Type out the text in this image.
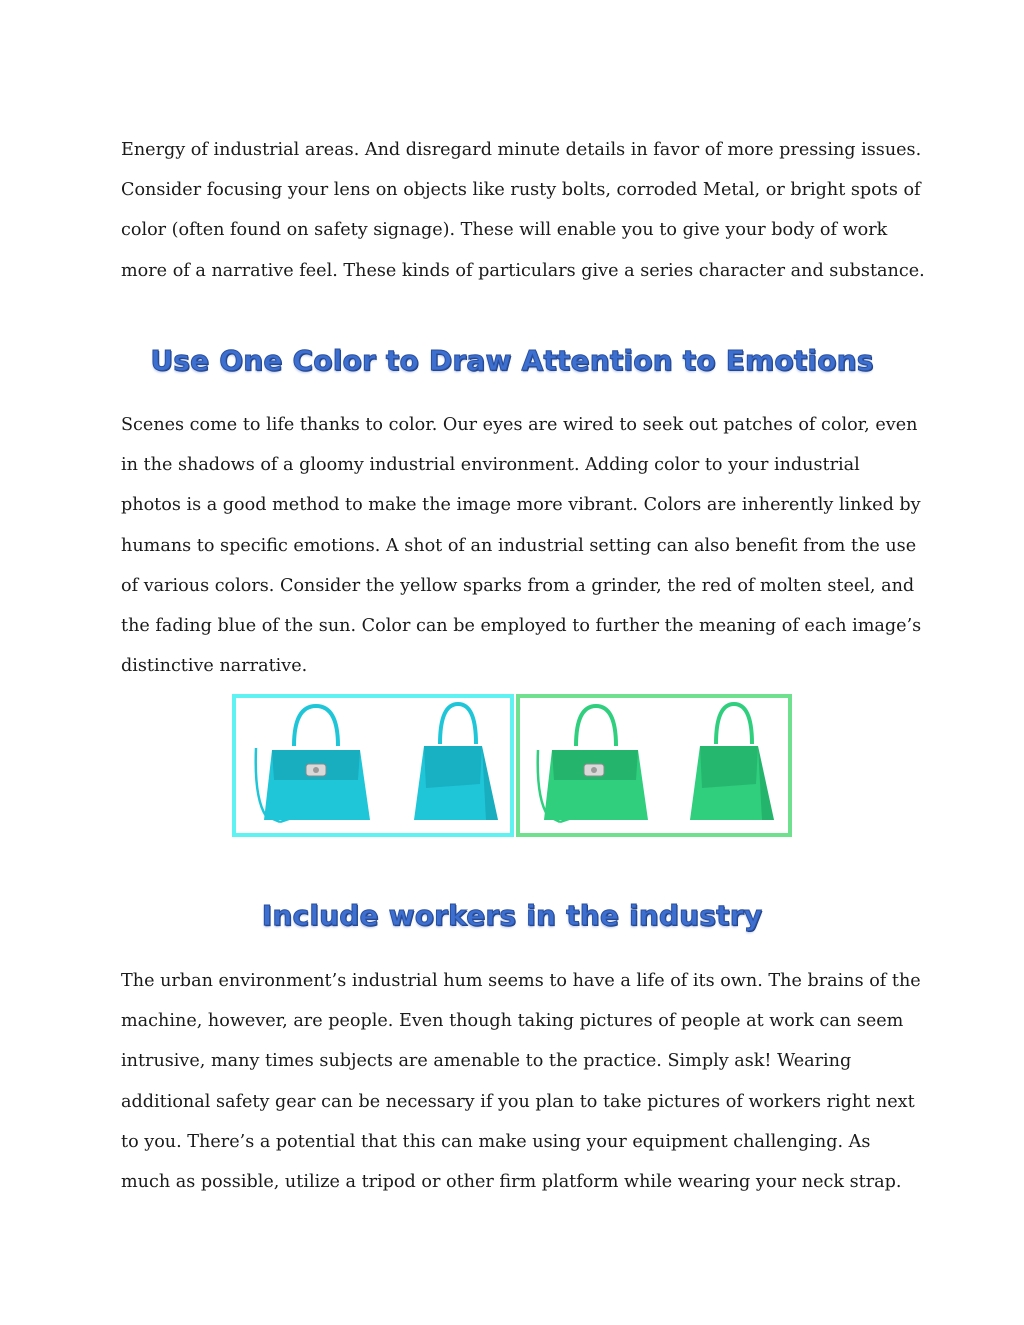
Energy of industrial areas. And disregard minute details in favor of more pressing issues.
Consider focusing your lens on objects like rusty bolts, corroded Metal, or bright spots of
color (often found on safety signage). These will enable you to give your body of work
more of a narrative feel. These kinds of particulars give a series character and substance.

Use One Color to Draw Attention to Emotions

Scenes come to life thanks to color. Our eyes are wired to seek out patches of color, even
in the shadows of a gloomy industrial environment. Adding color to your industrial
photos is a good method to make the image more vibrant. Colors are inherently linked by
humans to specific emotions. A shot of an industrial setting can also benefit from the use
of various colors. Consider the yellow sparks from a grinder, the red of molten steel, and
the fading blue of the sun. Color can be employed to further the meaning of each image’s
distinctive narrative.

Include workers in the industry

The urban environment’s industrial hum seems to have a life of its own. The brains of the
machine, however, are people. Even though taking pictures of people at work can seem
intrusive, many times subjects are amenable to the practice. Simply ask! Wearing
additional safety gear can be necessary if you plan to take pictures of workers right next
to you. There’s a potential that this can make using your equipment challenging. As
much as possible, utilize a tripod or other firm platform while wearing your neck strap.
